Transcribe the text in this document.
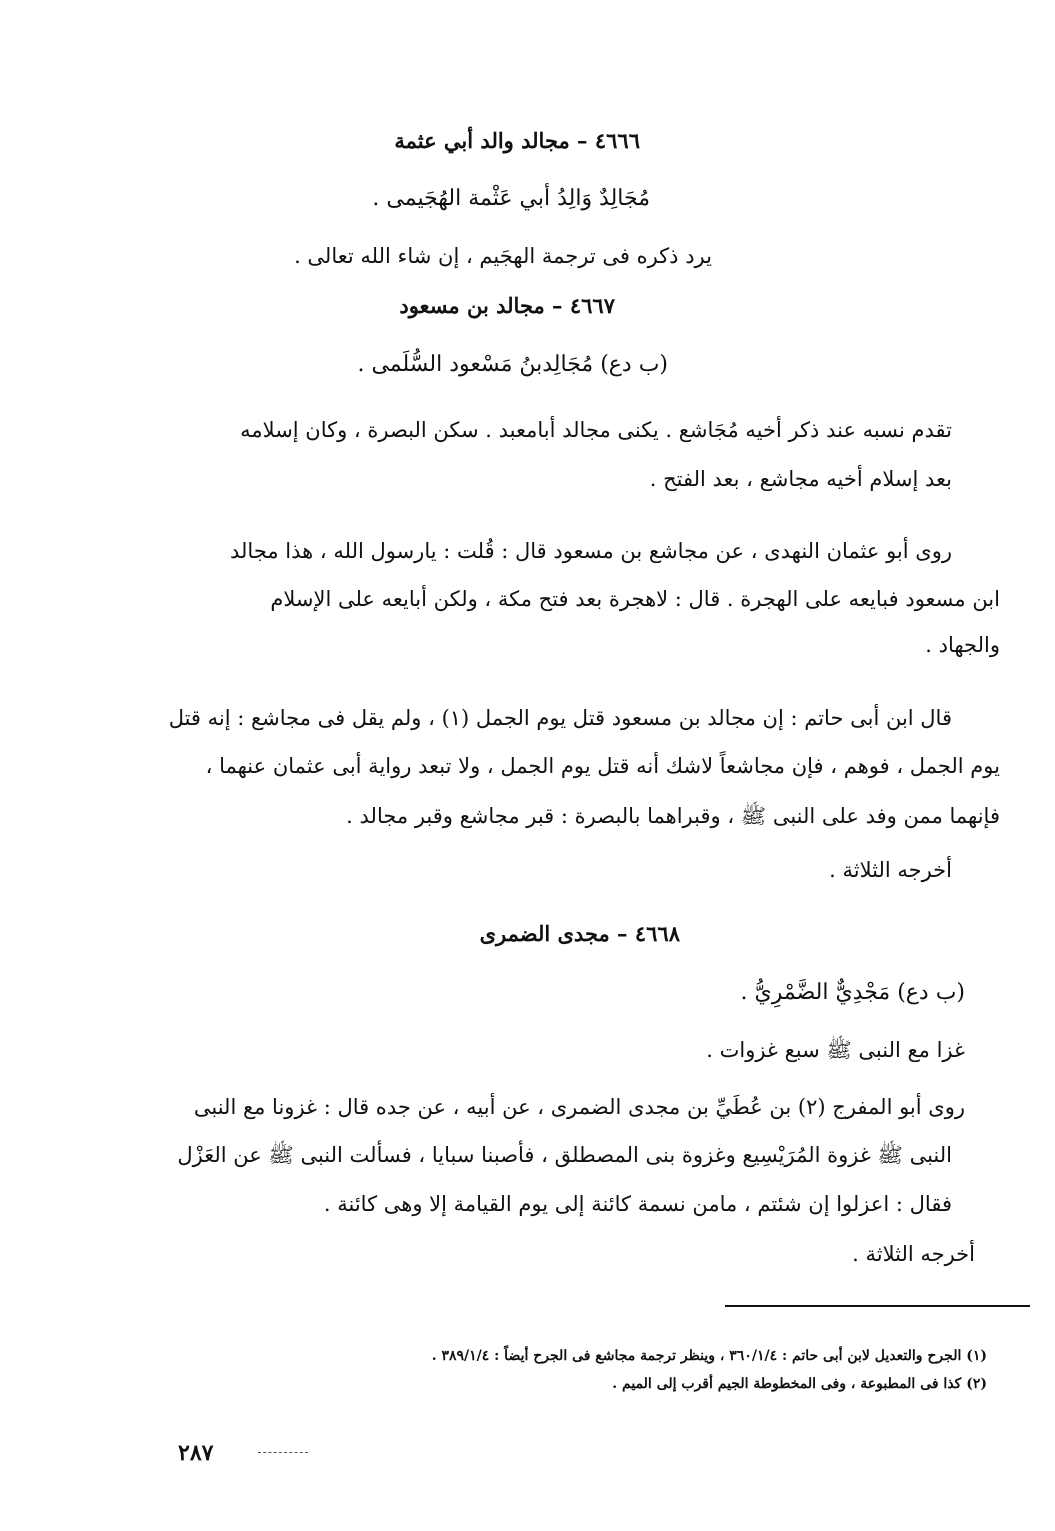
٤٦٦٦ – مجالد والد أبي عثمة
مُجَالِدٌ وَالِدُ أبي عَثْمة الهُجَيمى .
يرد ذكره فى ترجمة الهجَيم ، إن شاء الله تعالى .
٤٦٦٧ – مجالد بن مسعود
(ب دع) مُجَالِدبنُ مَسْعود السُّلَمى .
تقدم نسبه عند ذكر أخيه مُجَاشع . يكنى مجالد أبامعبد . سكن البصرة ، وكان إسلامه
بعد إسلام أخيه مجاشع ، بعد الفتح .
روى أبو عثمان النهدى ، عن مجاشع بن مسعود قال : قُلت : يارسول الله ، هذا مجالد
ابن مسعود فبايعه على الهجرة . قال : لاهجرة بعد فتح مكة ، ولكن أبايعه على الإسلام
والجهاد .
قال ابن أبى حاتم : إن مجالد بن مسعود قتل يوم الجمل (١) ، ولم يقل فى مجاشع : إنه قتل
يوم الجمل ، فوهم ، فإن مجاشعاً لاشك أنه قتل يوم الجمل ، ولا تبعد رواية أبى عثمان عنهما ،
فإنهما ممن وفد على النبى ﷺ ، وقبراهما بالبصرة : قبر مجاشع وقبر مجالد .
أخرجه الثلاثة .
٤٦٦٨ – مجدى الضمرى
(ب دع) مَجْدِيٌّ الضَّمْرِيُّ .
غزا مع النبى ﷺ سبع غزوات .
روى أبو المفرج (٢) بن عُطَيِّ بن مجدى الضمرى ، عن أبيه ، عن جده قال : غزونا مع النبى
النبى ﷺ غزوة المُرَيْسِيع وغزوة بنى المصطلق ، فأصبنا سبايا ، فسألت النبى ﷺ عن العَزْل
فقال : اعزلوا إن شئتم ، مامن نسمة كائنة إلى يوم القيامة إلا وهى كائنة .
أخرجه الثلاثة .
(١) الجرح والتعديل لابن أبى حاتم : ٣٦٠/١/٤ ، وينظر ترجمة مجاشع فى الجرح أيضاً : ٣٨٩/١/٤ .
(٢) كذا فى المطبوعة ، وفى المخطوطة الجيم أقرب إلى الميم .
٢٨٧
